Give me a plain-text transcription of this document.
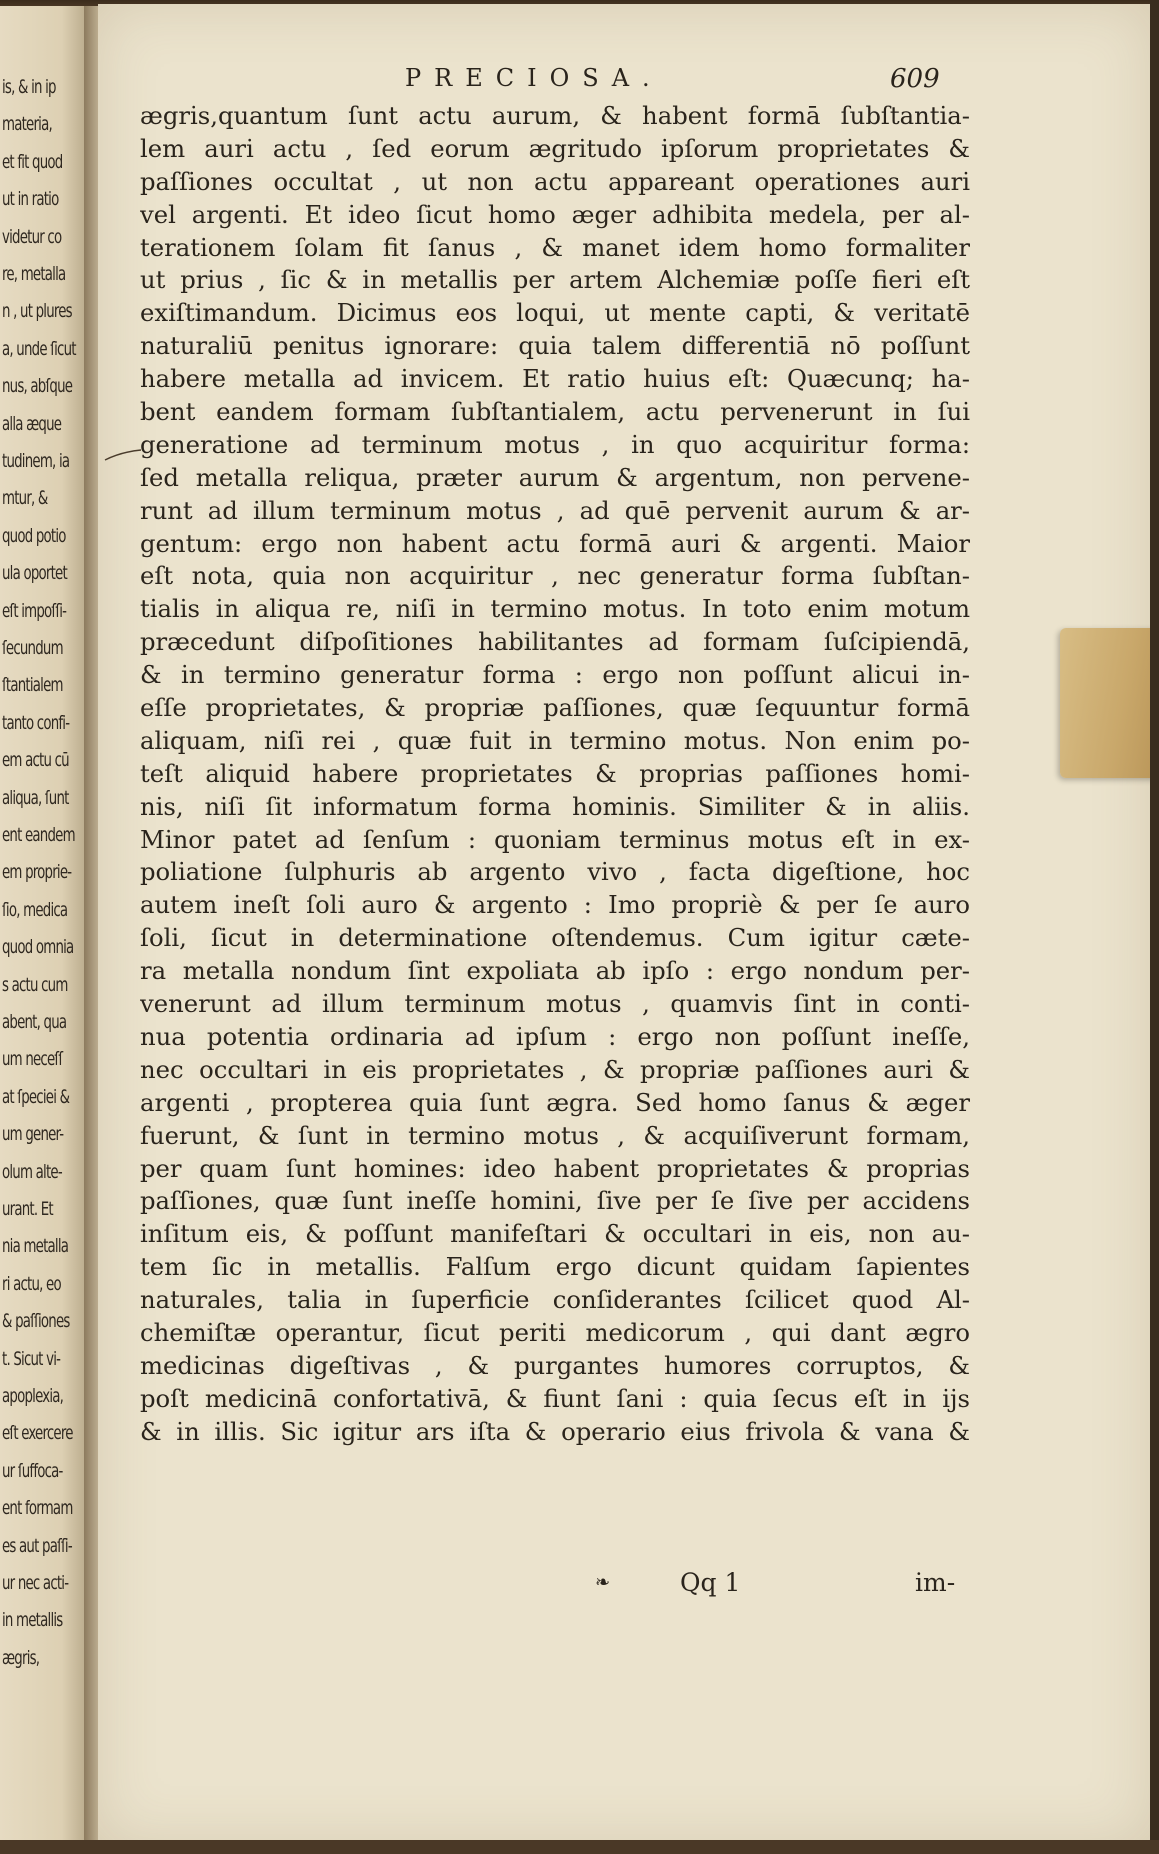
is, & in ip
materia,
et fit quod
ut in ratio
videtur co
re, metalla
n , ut plures
a, unde ſicut
nus, abſque
alla æque
tudinem, ia
mtur, &
quod potio
ula oportet
eſt impoſſi-
ſecundum
ſtantialem
tanto confi-
em actu cū
aliqua, ſunt
ent eandem
em proprie-
ſio, medica
quod omnia
s actu cum
abent, qua
um neceſſ
at ſpeciei &
um gener-
olum alte-
urant. Et
nia metalla
ri actu, eo
& paſſiones
t. Sicut vi-
apoplexia,
eſt exercere
ur ſuffoca-
ent formam
es aut paſſi-
ur nec acti-
in metallis
ægris,
PRECIOSA.	609
ægris,quantum ſunt actu aurum, & habent formā ſubſtantia-
lem auri actu , ſed eorum ægritudo ipſorum proprietates &
paſſiones occultat , ut non actu appareant operationes auri
vel argenti. Et ideo ſicut homo æger adhibita medela, per al-
terationem ſolam fit ſanus , & manet idem homo formaliter
ut prius , ſic & in metallis per artem Alchemiæ poſſe fieri eſt
exiſtimandum. Dicimus eos loqui, ut mente capti, & veritatē
naturaliū penitus ignorare: quia talem differentiā nō poſſunt
habere metalla ad invicem. Et ratio huius eſt: Quæcunq; ha-
bent eandem formam ſubſtantialem, actu pervenerunt in ſui
generatione ad terminum motus , in quo acquiritur forma:
ſed metalla reliqua, præter aurum & argentum, non pervene-
runt ad illum terminum motus , ad quē pervenit aurum & ar-
gentum: ergo non habent actu formā auri & argenti. Maior
eſt nota, quia non acquiritur , nec generatur forma ſubſtan-
tialis in aliqua re, niſi in termino motus. In toto enim motum
præcedunt diſpoſitiones habilitantes ad formam ſuſcipiendā,
& in termino generatur forma : ergo non poſſunt alicui in-
eſſe proprietates, & propriæ paſſiones, quæ ſequuntur formā
aliquam, niſi rei , quæ fuit in termino motus. Non enim po-
teſt aliquid habere proprietates & proprias paſſiones homi-
nis, niſi ſit informatum forma hominis. Similiter & in aliis.
Minor patet ad ſenſum : quoniam terminus motus eſt in ex-
poliatione ſulphuris ab argento vivo , facta digeſtione, hoc
autem ineſt ſoli auro & argento : Imo propriè & per ſe auro
ſoli, ſicut in determinatione oſtendemus. Cum igitur cæte-
ra metalla nondum ſint expoliata ab ipſo : ergo nondum per-
venerunt ad illum terminum motus , quamvis ſint in conti-
nua potentia ordinaria ad ipſum : ergo non poſſunt ineſſe,
nec occultari in eis proprietates , & propriæ paſſiones auri &
argenti , propterea quia ſunt ægra. Sed homo ſanus & æger
fuerunt, & ſunt in termino motus , & acquiſiverunt formam,
per quam ſunt homines: ideo habent proprietates & proprias
paſſiones, quæ ſunt ineſſe homini, ſive per ſe ſive per accidens
inſitum eis, & poſſunt manifeſtari & occultari in eis, non au-
tem ſic in metallis. Falſum ergo dicunt quidam ſapientes
naturales, talia in ſuperficie conſiderantes ſcilicet quod Al-
chemiſtæ operantur, ſicut periti medicorum , qui dant ægro
medicinas digeſtivas , & purgantes humores corruptos, &
poſt medicinā confortativā, & fiunt ſani : quia ſecus eſt in ijs
& in illis. Sic igitur ars iſta & operario eius frivola & vana &
❧	Qq 1	im-
